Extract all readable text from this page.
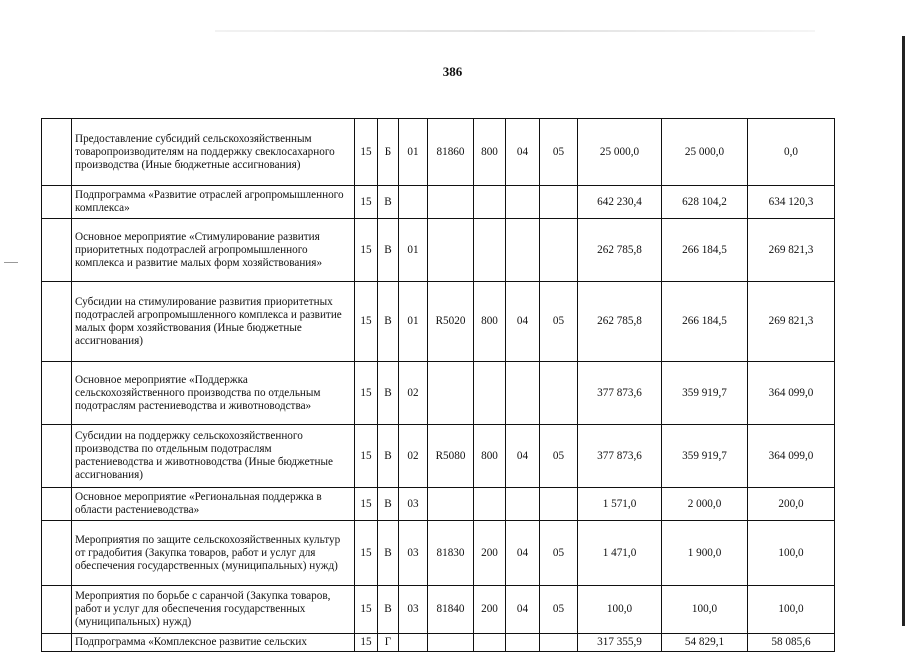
386
	Предоставление субсидий сельскохозяйственным товаропроизводителям на поддержку свеклосахарного производства (Иные бюджетные ассигнования)	15	Б	01	81860	800	04	05	25 000,0	25 000,0	0,0
	Подпрограмма «Развитие отраслей агропромышленного комплекса»	15	В						642 230,4	628 104,2	634 120,3
	Основное мероприятие «Стимулирование развития приоритетных подотраслей агропромышленного комплекса и развитие малых форм хозяйствования»	15	В	01					262 785,8	266 184,5	269 821,3
	Субсидии на стимулирование развития приоритетных подотраслей агропромышленного комплекса и развитие малых форм хозяйствования (Иные бюджетные ассигнования)	15	В	01	R5020	800	04	05	262 785,8	266 184,5	269 821,3
	Основное мероприятие «Поддержка сельскохозяйственного производства по отдельным подотраслям растениеводства и животноводства»	15	В	02					377 873,6	359 919,7	364 099,0
	Субсидии на поддержку сельскохозяйственного производства по отдельным подотраслям растениеводства и животноводства (Иные бюджетные ассигнования)	15	В	02	R5080	800	04	05	377 873,6	359 919,7	364 099,0
	Основное мероприятие «Региональная поддержка в области растениеводства»	15	В	03					1 571,0	2 000,0	200,0
	Мероприятия по защите сельскохозяйственных культур от градобития (Закупка товаров, работ и услуг для обеспечения государственных (муниципальных) нужд)	15	В	03	81830	200	04	05	1 471,0	1 900,0	100,0
	Мероприятия по борьбе с саранчой (Закупка товаров, работ и услуг для обеспечения государственных (муниципальных) нужд)	15	В	03	81840	200	04	05	100,0	100,0	100,0
	Подпрограмма «Комплексное развитие сельских	15	Г						317 355,9	54 829,1	58 085,6
